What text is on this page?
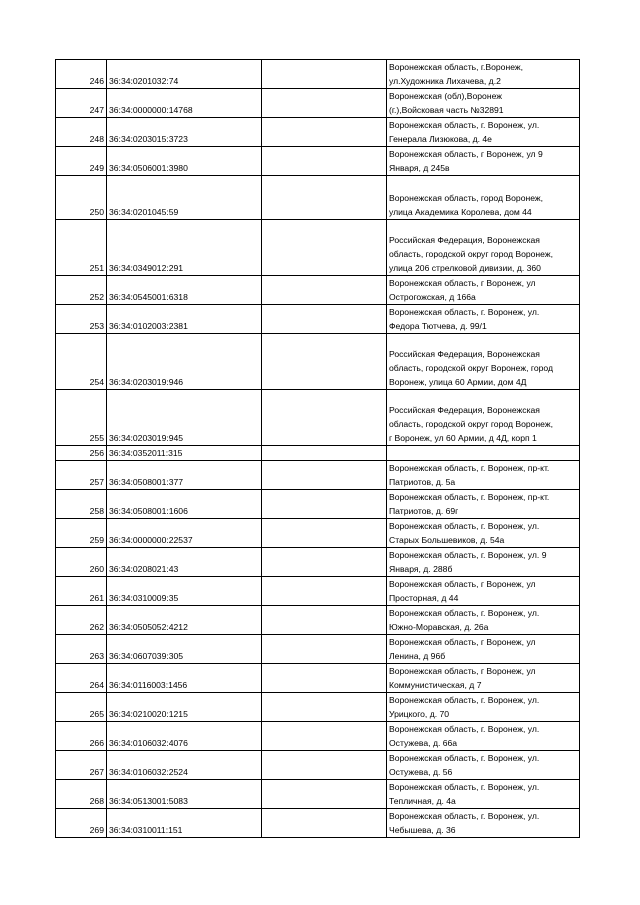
246	36:34:0201032:74		Воронежская область, г.Воронеж,
ул.Художника Лихачева, д.2

247	36:34:0000000:14768		Воронежская (обл),Воронеж
(г.),Войсковая часть №32891

248	36:34:0203015:3723		Воронежская область, г. Воронеж, ул.
Генерала Лизюкова, д. 4е

249	36:34:0506001:3980		Воронежская область, г Воронеж, ул 9
Января, д 245в

250	36:34:0201045:59		Воронежская область, город Воронеж,
улица Академика Королева, дом 44

251	36:34:0349012:291		Российская Федерация, Воронежская
область, городской округ город Воронеж,
улица 206 стрелковой дивизии, д. 360

252	36:34:0545001:6318		Воронежская область, г Воронеж, ул
Острогожская, д 166а

253	36:34:0102003:2381		Воронежская область, г. Воронеж, ул.
Федора Тютчева, д. 99/1

254	36:34:0203019:946		Российская Федерация, Воронежская
область, городской округ Воронеж, город
Воронеж, улица 60 Армии, дом 4Д

255	36:34:0203019:945		Российская Федерация, Воронежская
область, городской округ город Воронеж,
г Воронеж, ул 60 Армии, д 4Д, корп 1

256	36:34:0352011:315		
257	36:34:0508001:377		Воронежская область, г. Воронеж, пр-кт.
Патриотов, д. 5а

258	36:34:0508001:1606		Воронежская область, г. Воронеж, пр-кт.
Патриотов, д. 69г

259	36:34:0000000:22537		Воронежская область, г. Воронеж, ул.
Старых Большевиков, д. 54а

260	36:34:0208021:43		Воронежская область, г. Воронеж, ул. 9
Января, д. 288б

261	36:34:0310009:35		Воронежская область, г Воронеж, ул
Просторная, д 44

262	36:34:0505052:4212		Воронежская область, г. Воронеж, ул.
Южно-Моравская, д. 26а

263	36:34:0607039:305		Воронежская область, г Воронеж, ул
Ленина, д 96б

264	36:34:0116003:1456		Воронежская область, г Воронеж, ул
Коммунистическая, д 7

265	36:34:0210020:1215		Воронежская область, г. Воронеж, ул.
Урицкого, д. 70

266	36:34:0106032:4076		Воронежская область, г. Воронеж, ул.
Остужева, д. 66а

267	36:34:0106032:2524		Воронежская область, г. Воронеж, ул.
Остужева, д. 56

268	36:34:0513001:5083		Воронежская область, г. Воронеж, ул.
Тепличная, д. 4а

269	36:34:0310011:151		Воронежская область, г. Воронеж, ул.
Чебышева, д. 36
